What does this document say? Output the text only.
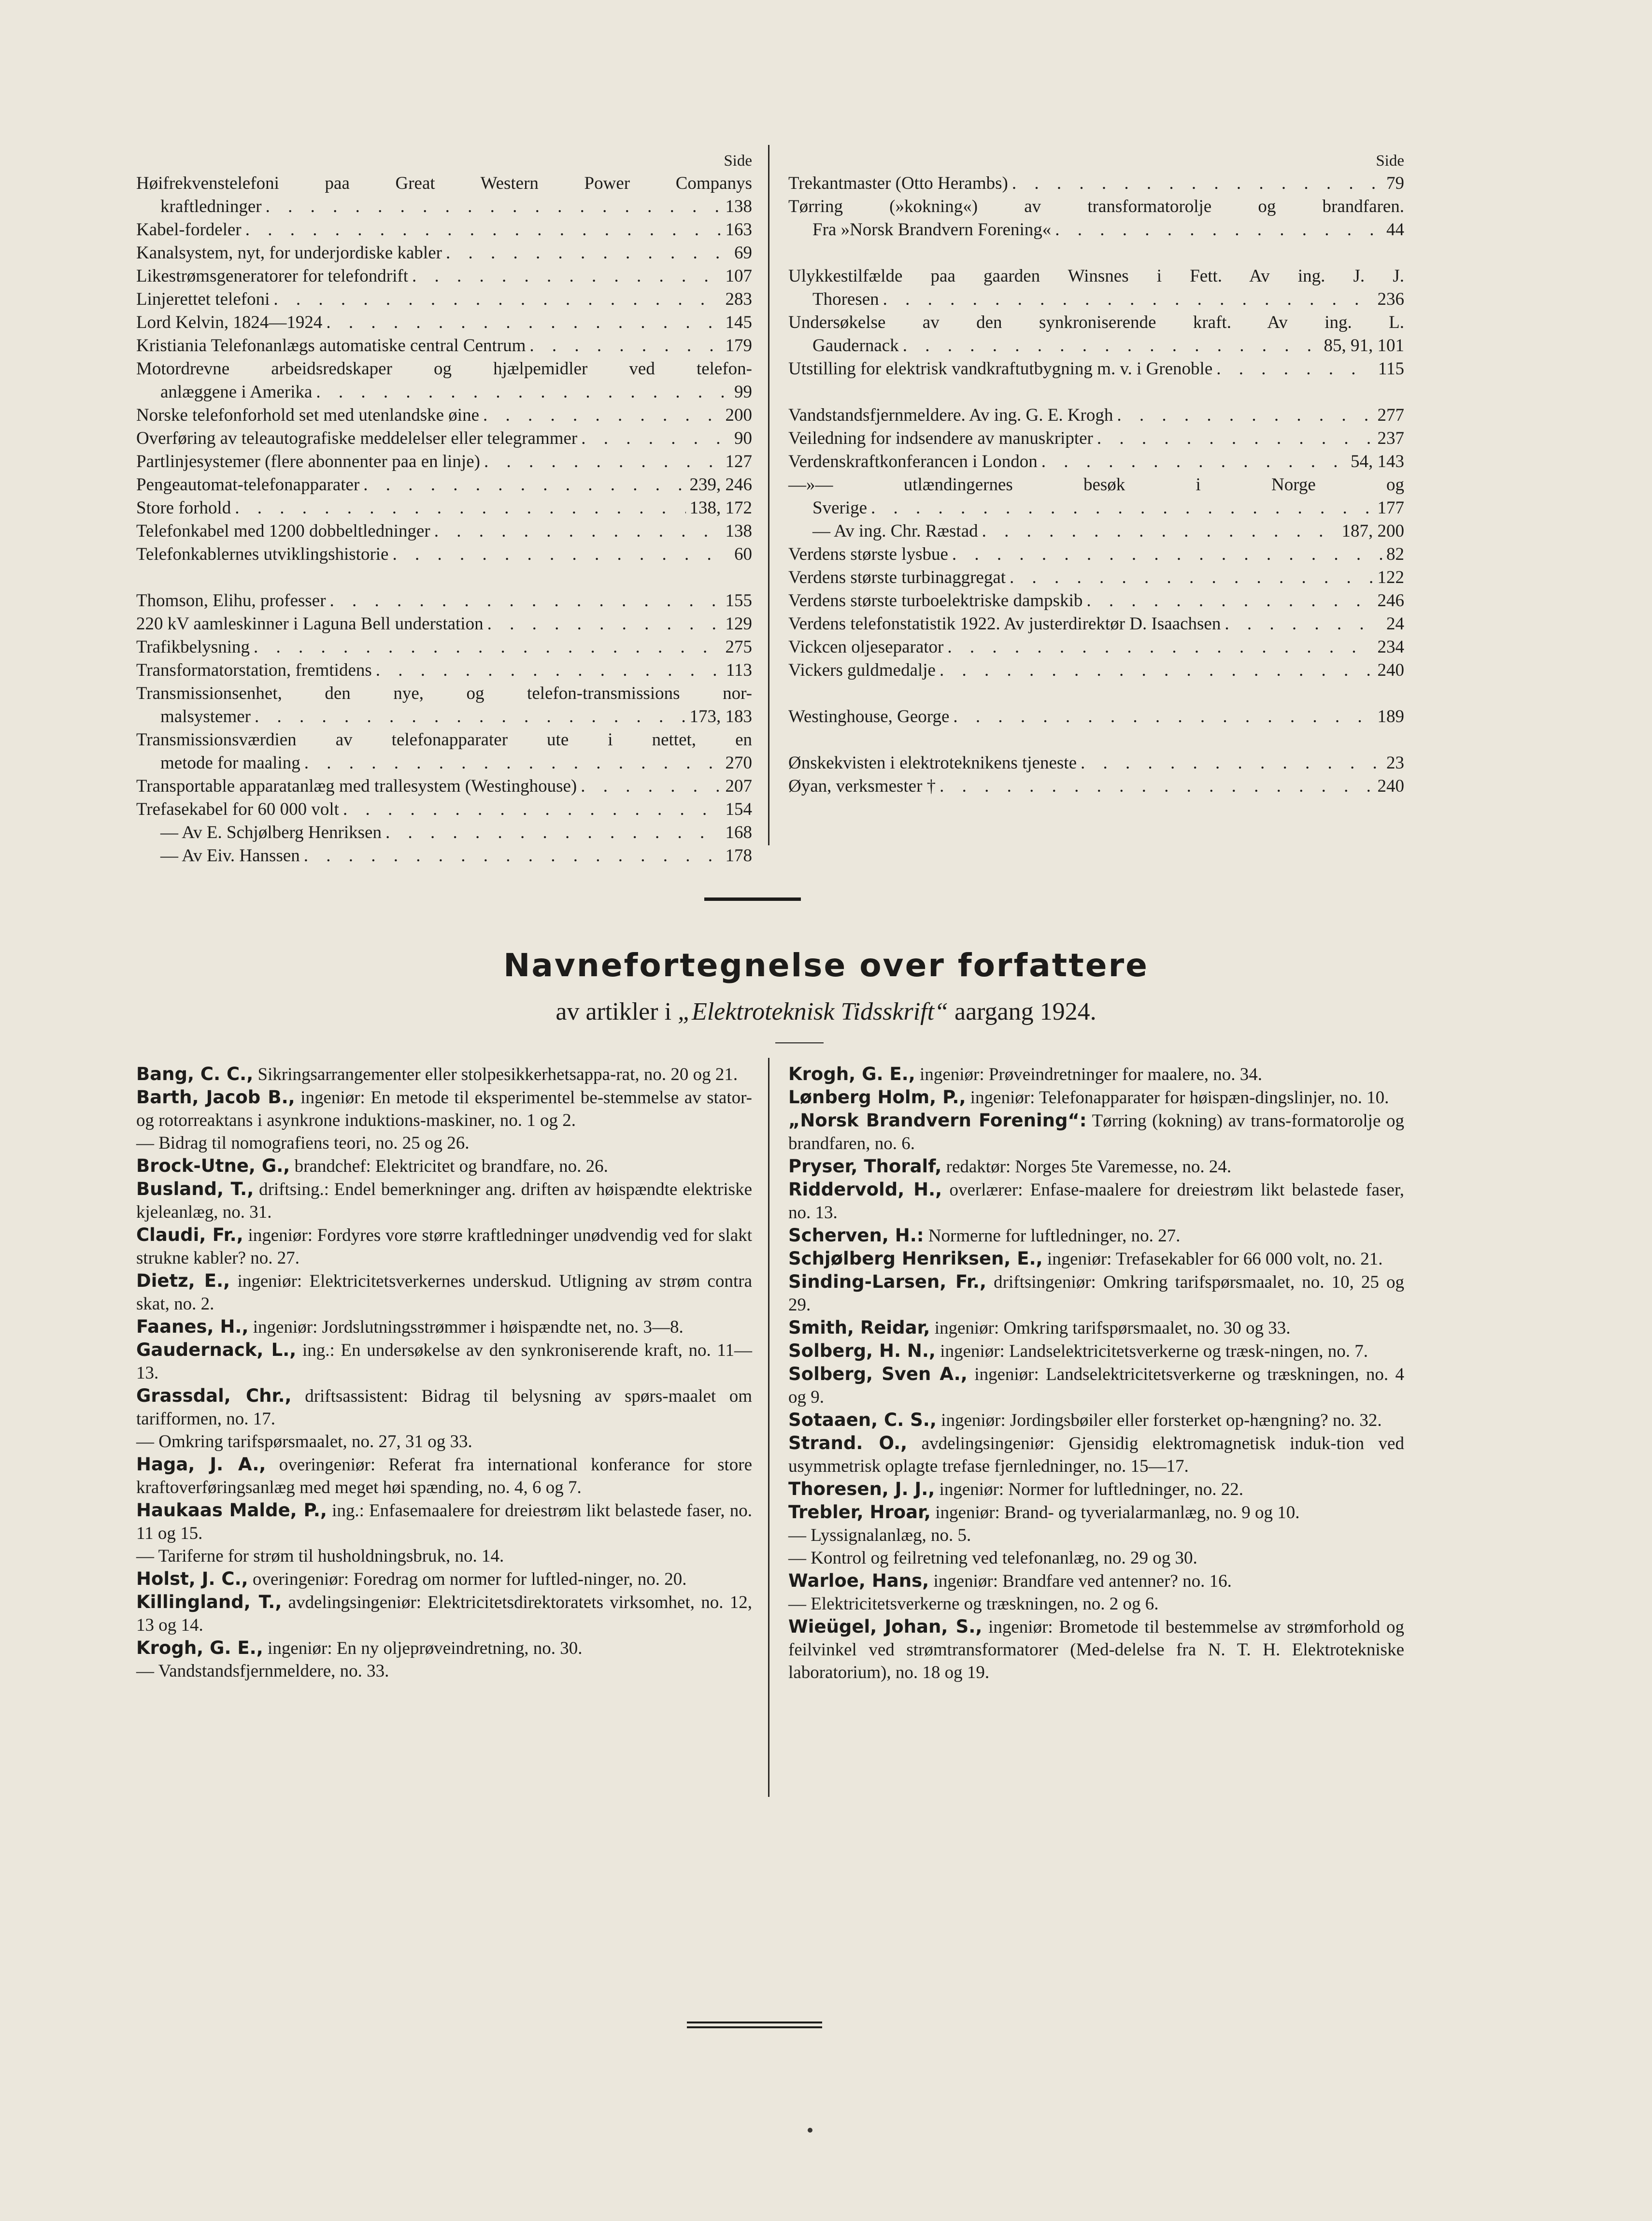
Side
Høifrekvenstelefoni paa Great Western Power Companys
kraftledninger . . .	138
Kabel-fordeler . . .	163
Kanalsystem, nyt, for underjordiske kabler . . .	69
Likestrømsgeneratorer for telefondrift . . .	107
Linjerettet telefoni . . .	283
Lord Kelvin, 1824—1924 . . .	145
Kristiania Telefonanlægs automatiske central Centrum . . .	179
Motordrevne arbeidsredskaper og hjælpemidler ved telefon-
anlæggene i Amerika . . .	99
Norske telefonforhold set med utenlandske øine . . .	200
Overføring av teleautografiske meddelelser eller telegrammer . . .	90
Partlinjesystemer (flere abonnenter paa en linje) . . .	127
Pengeautomat-telefonapparater . . .	239, 246
Store forhold . . .	138, 172
Telefonkabel med 1200 dobbeltledninger . . .	138
Telefonkablernes utviklingshistorie . . .	60
Thomson, Elihu, professer . . .	155
220 kV aamleskinner i Laguna Bell understation . . .	129
Trafikbelysning . . .	275
Transformatorstation, fremtidens . . .	113
Transmissionsenhet, den nye, og telefon-transmissions nor-
malsystemer . . .	173, 183
Transmissionsværdien av telefonapparater ute i nettet, en
metode for maaling . . .	270
Transportable apparatanlæg med trallesystem (Westinghouse) . . .	207
Trefasekabel for 60 000 volt . . .	154
— Av E. Schjølberg Henriksen . . .	168
— Av Eiv. Hanssen . . .	178
Side
Trekantmaster (Otto Herambs) . . .	79
Tørring (»kokning«) av transformatorolje og brandfaren.
Fra »Norsk Brandvern Forening« . . .	44
Ulykkestilfælde paa gaarden Winsnes i Fett. Av ing. J. J.
Thoresen . . .	236
Undersøkelse av den synkroniserende kraft. Av ing. L.
Gaudernack . . .	85, 91, 101
Utstilling for elektrisk vandkraftutbygning m. v. i Grenoble . . .	115
Vandstandsfjernmeldere. Av ing. G. E. Krogh . . .	277
Veiledning for indsendere av manuskripter . . .	237
Verdenskraftkonferancen i London . . .	54, 143
—»— utlændingernes besøk i Norge og
Sverige . . .	177
— Av ing. Chr. Ræstad . . .	187, 200
Verdens største lysbue . . .	82
Verdens største turbinaggregat . . .	122
Verdens største turboelektriske dampskib . . .	246
Verdens telefonstatistik 1922. Av justerdirektør D. Isaachsen . . .	24
Vickcen oljeseparator . . .	234
Vickers guldmedalje . . .	240
Westinghouse, George . . .	189
Ønskekvisten i elektroteknikens tjeneste . . .	23
Øyan, verksmester † . . .	240
Navnefortegnelse over forfattere
av artikler i „Elektroteknisk Tidsskrift“ aargang 1924.
Bang, C. C., Sikringsarrangementer eller stolpesikkerhetsappa-rat, no. 20 og 21.
Barth, Jacob B., ingeniør: En metode til eksperimentel be-stemmelse av stator- og rotorreaktans i asynkrone induktions-maskiner, no. 1 og 2.
— Bidrag til nomografiens teori, no. 25 og 26.
Brock-Utne, G., brandchef: Elektricitet og brandfare, no. 26.
Busland, T., driftsing.: Endel bemerkninger ang. driften av høispændte elektriske kjeleanlæg, no. 31.
Claudi, Fr., ingeniør: Fordyres vore større kraftledninger unødvendig ved for slakt strukne kabler? no. 27.
Dietz, E., ingeniør: Elektricitetsverkernes underskud. Utligning av strøm contra skat, no. 2.
Faanes, H., ingeniør: Jordslutningsstrømmer i høispændte net, no. 3—8.
Gaudernack, L., ing.: En undersøkelse av den synkroniserende kraft, no. 11—13.
Grassdal, Chr., driftsassistent: Bidrag til belysning av spørs-maalet om tarifformen, no. 17.
— Omkring tarifspørsmaalet, no. 27, 31 og 33.
Haga, J. A., overingeniør: Referat fra international konferance for store kraftoverføringsanlæg med meget høi spænding, no. 4, 6 og 7.
Haukaas Malde, P., ing.: Enfasemaalere for dreiestrøm likt belastede faser, no. 11 og 15.
— Tariferne for strøm til husholdningsbruk, no. 14.
Holst, J. C., overingeniør: Foredrag om normer for luftled-ninger, no. 20.
Killingland, T., avdelingsingeniør: Elektricitetsdirektoratets virksomhet, no. 12, 13 og 14.
Krogh, G. E., ingeniør: En ny oljeprøveindretning, no. 30.
— Vandstandsfjernmeldere, no. 33.
Krogh, G. E., ingeniør: Prøveindretninger for maalere, no. 34.
Lønberg Holm, P., ingeniør: Telefonapparater for høispæn-dingslinjer, no. 10.
„Norsk Brandvern Forening“: Tørring (kokning) av trans-formatorolje og brandfaren, no. 6.
Pryser, Thoralf, redaktør: Norges 5te Varemesse, no. 24.
Riddervold, H., overlærer: Enfase-maalere for dreiestrøm likt belastede faser, no. 13.
Scherven, H.: Normerne for luftledninger, no. 27.
Schjølberg Henriksen, E., ingeniør: Trefasekabler for 66 000 volt, no. 21.
Sinding-Larsen, Fr., driftsingeniør: Omkring tarifspørsmaalet, no. 10, 25 og 29.
Smith, Reidar, ingeniør: Omkring tarifspørsmaalet, no. 30 og 33.
Solberg, H. N., ingeniør: Landselektricitetsverkerne og træsk-ningen, no. 7.
Solberg, Sven A., ingeniør: Landselektricitetsverkerne og træskningen, no. 4 og 9.
Sotaaen, C. S., ingeniør: Jordingsbøiler eller forsterket op-hængning? no. 32.
Strand. O., avdelingsingeniør: Gjensidig elektromagnetisk induk-tion ved usymmetrisk oplagte trefase fjernledninger, no. 15—17.
Thoresen, J. J., ingeniør: Normer for luftledninger, no. 22.
Trebler, Hroar, ingeniør: Brand- og tyverialarmanlæg, no. 9 og 10.
— Lyssignalanlæg, no. 5.
— Kontrol og feilretning ved telefonanlæg, no. 29 og 30.
Warloe, Hans, ingeniør: Brandfare ved antenner? no. 16.
— Elektricitetsverkerne og træskningen, no. 2 og 6.
Wieügel, Johan, S., ingeniør: Brometode til bestemmelse av strømforhold og feilvinkel ved strømtransformatorer (Med-delelse fra N. T. H. Elektrotekniske laboratorium), no. 18 og 19.
